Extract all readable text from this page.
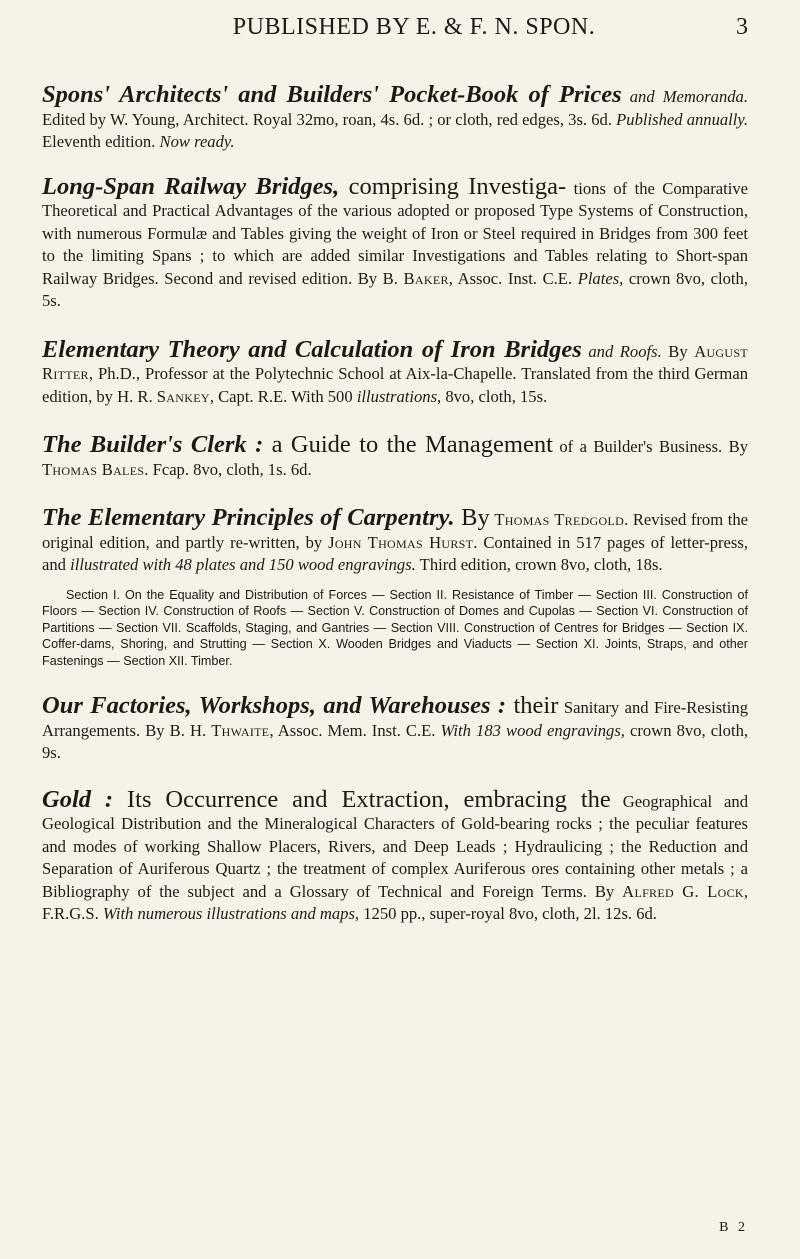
PUBLISHED BY E. & F. N. SPON.	3

Spons' Architects' and Builders' Pocket-Book of Prices and Memoranda. Edited by W. Young, Architect. Royal 32mo, roan, 4s. 6d. ; or cloth, red edges, 3s. 6d. Published annually. Eleventh edition. Now ready.

Long-Span Railway Bridges, comprising Investiga- tions of the Comparative Theoretical and Practical Advantages of the various adopted or proposed Type Systems of Construction, with numerous Formulæ and Tables giving the weight of Iron or Steel required in Bridges from 300 feet to the limiting Spans ; to which are added similar Investigations and Tables relating to Short-span Railway Bridges. Second and revised edition. By B. Baker, Assoc. Inst. C.E. Plates, crown 8vo, cloth, 5s.

Elementary Theory and Calculation of Iron Bridges and Roofs. By August Ritter, Ph.D., Professor at the Polytechnic School at Aix-la-Chapelle. Translated from the third German edition, by H. R. Sankey, Capt. R.E. With 500 illustrations, 8vo, cloth, 15s.

The Builder's Clerk : a Guide to the Management of a Builder's Business. By Thomas Bales. Fcap. 8vo, cloth, 1s. 6d.

The Elementary Principles of Carpentry. By Thomas Tredgold. Revised from the original edition, and partly re-written, by John Thomas Hurst. Contained in 517 pages of letter-press, and illustrated with 48 plates and 150 wood engravings. Third edition, crown 8vo, cloth, 18s.

Section I. On the Equality and Distribution of Forces — Section II. Resistance of Timber — Section III. Construction of Floors — Section IV. Construction of Roofs — Section V. Construction of Domes and Cupolas — Section VI. Construction of Partitions — Section VII. Scaffolds, Staging, and Gantries — Section VIII. Construction of Centres for Bridges — Section IX. Coffer-dams, Shoring, and Strutting — Section X. Wooden Bridges and Viaducts — Section XI. Joints, Straps, and other Fastenings — Section XII. Timber.

Our Factories, Workshops, and Warehouses : their Sanitary and Fire-Resisting Arrangements. By B. H. Thwaite, Assoc. Mem. Inst. C.E. With 183 wood engravings, crown 8vo, cloth, 9s.

Gold : Its Occurrence and Extraction, embracing the Geographical and Geological Distribution and the Mineralogical Characters of Gold-bearing rocks ; the peculiar features and modes of working Shallow Placers, Rivers, and Deep Leads ; Hydraulicing ; the Reduction and Separation of Auriferous Quartz ; the treatment of complex Auriferous ores containing other metals ; a Bibliography of the subject and a Glossary of Technical and Foreign Terms. By Alfred G. Lock, F.R.G.S. With numerous illustrations and maps, 1250 pp., super-royal 8vo, cloth, 2l. 12s. 6d.

B 2
